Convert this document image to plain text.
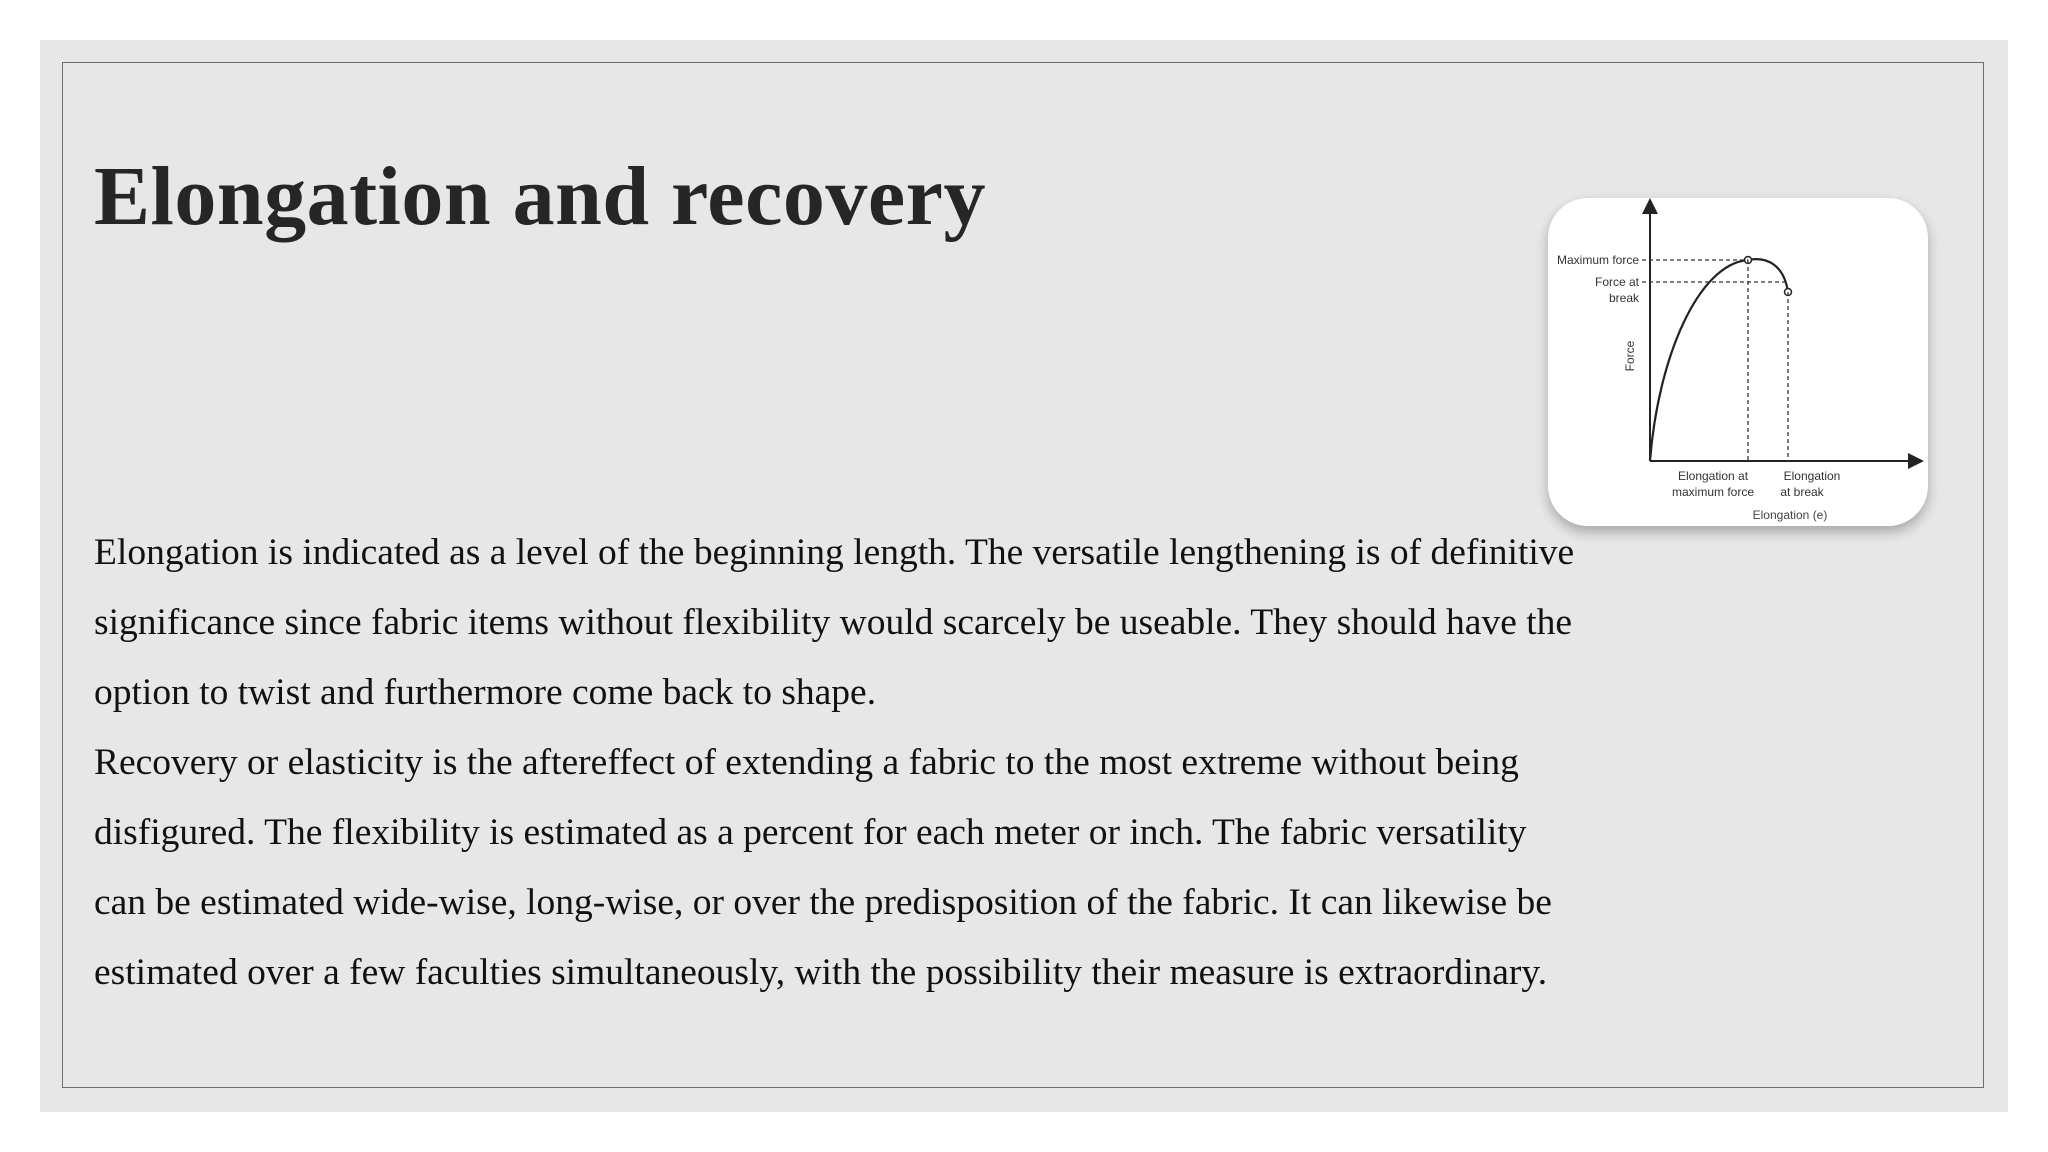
Elongation and recovery

Elongation is indicated as a level of the beginning length. The versatile lengthening is of definitive significance since fabric items without flexibility would scarcely be useable. They should have the option to twist and furthermore come back to shape.

Recovery or elasticity is the aftereffect of extending a fabric to the most extreme without being disfigured. The flexibility is estimated as a percent for each meter or inch. The fabric versatility can be estimated wide-wise, long-wise, or over the predisposition of the fabric. It can likewise be estimated over a few faculties simultaneously, with the possibility their measure is extraordinary.

Maximum force
Force at
break
Force
Elongation at
maximum force
Elongation
at break
Elongation (e)
